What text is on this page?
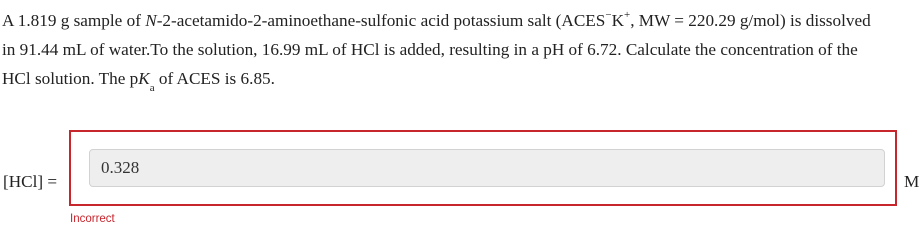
A 1.819 g sample of N-2-acetamido-2-aminoethane-sulfonic acid potassium salt (ACES−K+, MW = 220.29 g/mol) is dissolved

in 91.44 mL of water.To the solution, 16.99 mL of HCl is added, resulting in a pH of 6.72. Calculate the concentration of the

HCl solution. The $pK_a$ of ACES is 6.85.

[HCl] =
0.328	M
Incorrect
